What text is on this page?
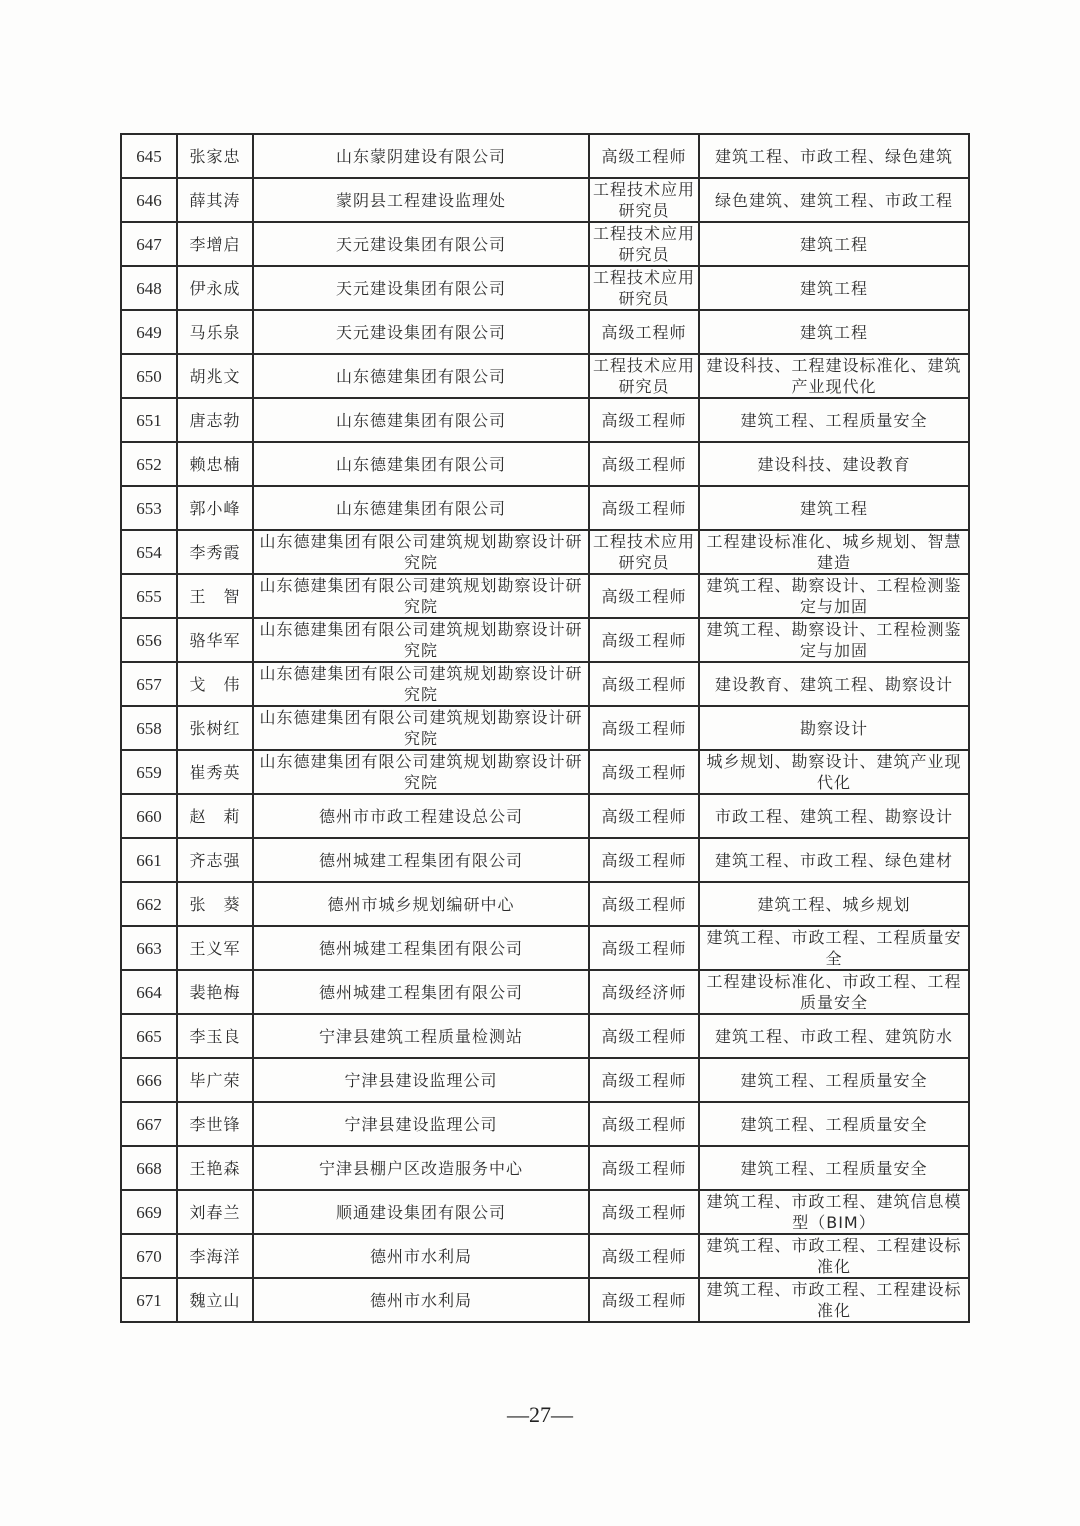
645	张家忠	山东蒙阴建设有限公司	高级工程师	建筑工程、市政工程、绿色建筑
646	薛其涛	蒙阴县工程建设监理处	工程技术应用研究员	绿色建筑、建筑工程、市政工程
647	李增启	天元建设集团有限公司	工程技术应用研究员	建筑工程
648	伊永成	天元建设集团有限公司	工程技术应用研究员	建筑工程
649	马乐泉	天元建设集团有限公司	高级工程师	建筑工程
650	胡兆文	山东德建集团有限公司	工程技术应用研究员	建设科技、工程建设标准化、建筑产业现代化
651	唐志勃	山东德建集团有限公司	高级工程师	建筑工程、工程质量安全
652	赖忠楠	山东德建集团有限公司	高级工程师	建设科技、建设教育
653	郭小峰	山东德建集团有限公司	高级工程师	建筑工程
654	李秀霞	山东德建集团有限公司建筑规划勘察设计研究院	工程技术应用研究员	工程建设标准化、城乡规划、智慧建造
655	王　智	山东德建集团有限公司建筑规划勘察设计研究院	高级工程师	建筑工程、勘察设计、工程检测鉴定与加固
656	骆华军	山东德建集团有限公司建筑规划勘察设计研究院	高级工程师	建筑工程、勘察设计、工程检测鉴定与加固
657	戈　伟	山东德建集团有限公司建筑规划勘察设计研究院	高级工程师	建设教育、建筑工程、勘察设计
658	张树红	山东德建集团有限公司建筑规划勘察设计研究院	高级工程师	勘察设计
659	崔秀英	山东德建集团有限公司建筑规划勘察设计研究院	高级工程师	城乡规划、勘察设计、建筑产业现代化
660	赵　莉	德州市市政工程建设总公司	高级工程师	市政工程、建筑工程、勘察设计
661	齐志强	德州城建工程集团有限公司	高级工程师	建筑工程、市政工程、绿色建材
662	张　葵	德州市城乡规划编研中心	高级工程师	建筑工程、城乡规划
663	王义军	德州城建工程集团有限公司	高级工程师	建筑工程、市政工程、工程质量安全
664	裴艳梅	德州城建工程集团有限公司	高级经济师	工程建设标准化、市政工程、工程质量安全
665	李玉良	宁津县建筑工程质量检测站	高级工程师	建筑工程、市政工程、建筑防水
666	毕广荣	宁津县建设监理公司	高级工程师	建筑工程、工程质量安全
667	李世锋	宁津县建设监理公司	高级工程师	建筑工程、工程质量安全
668	王艳森	宁津县棚户区改造服务中心	高级工程师	建筑工程、工程质量安全
669	刘春兰	顺通建设集团有限公司	高级工程师	建筑工程、市政工程、建筑信息模型（BIM）
670	李海洋	德州市水利局	高级工程师	建筑工程、市政工程、工程建设标准化
671	魏立山	德州市水利局	高级工程师	建筑工程、市政工程、工程建设标准化
—27—
